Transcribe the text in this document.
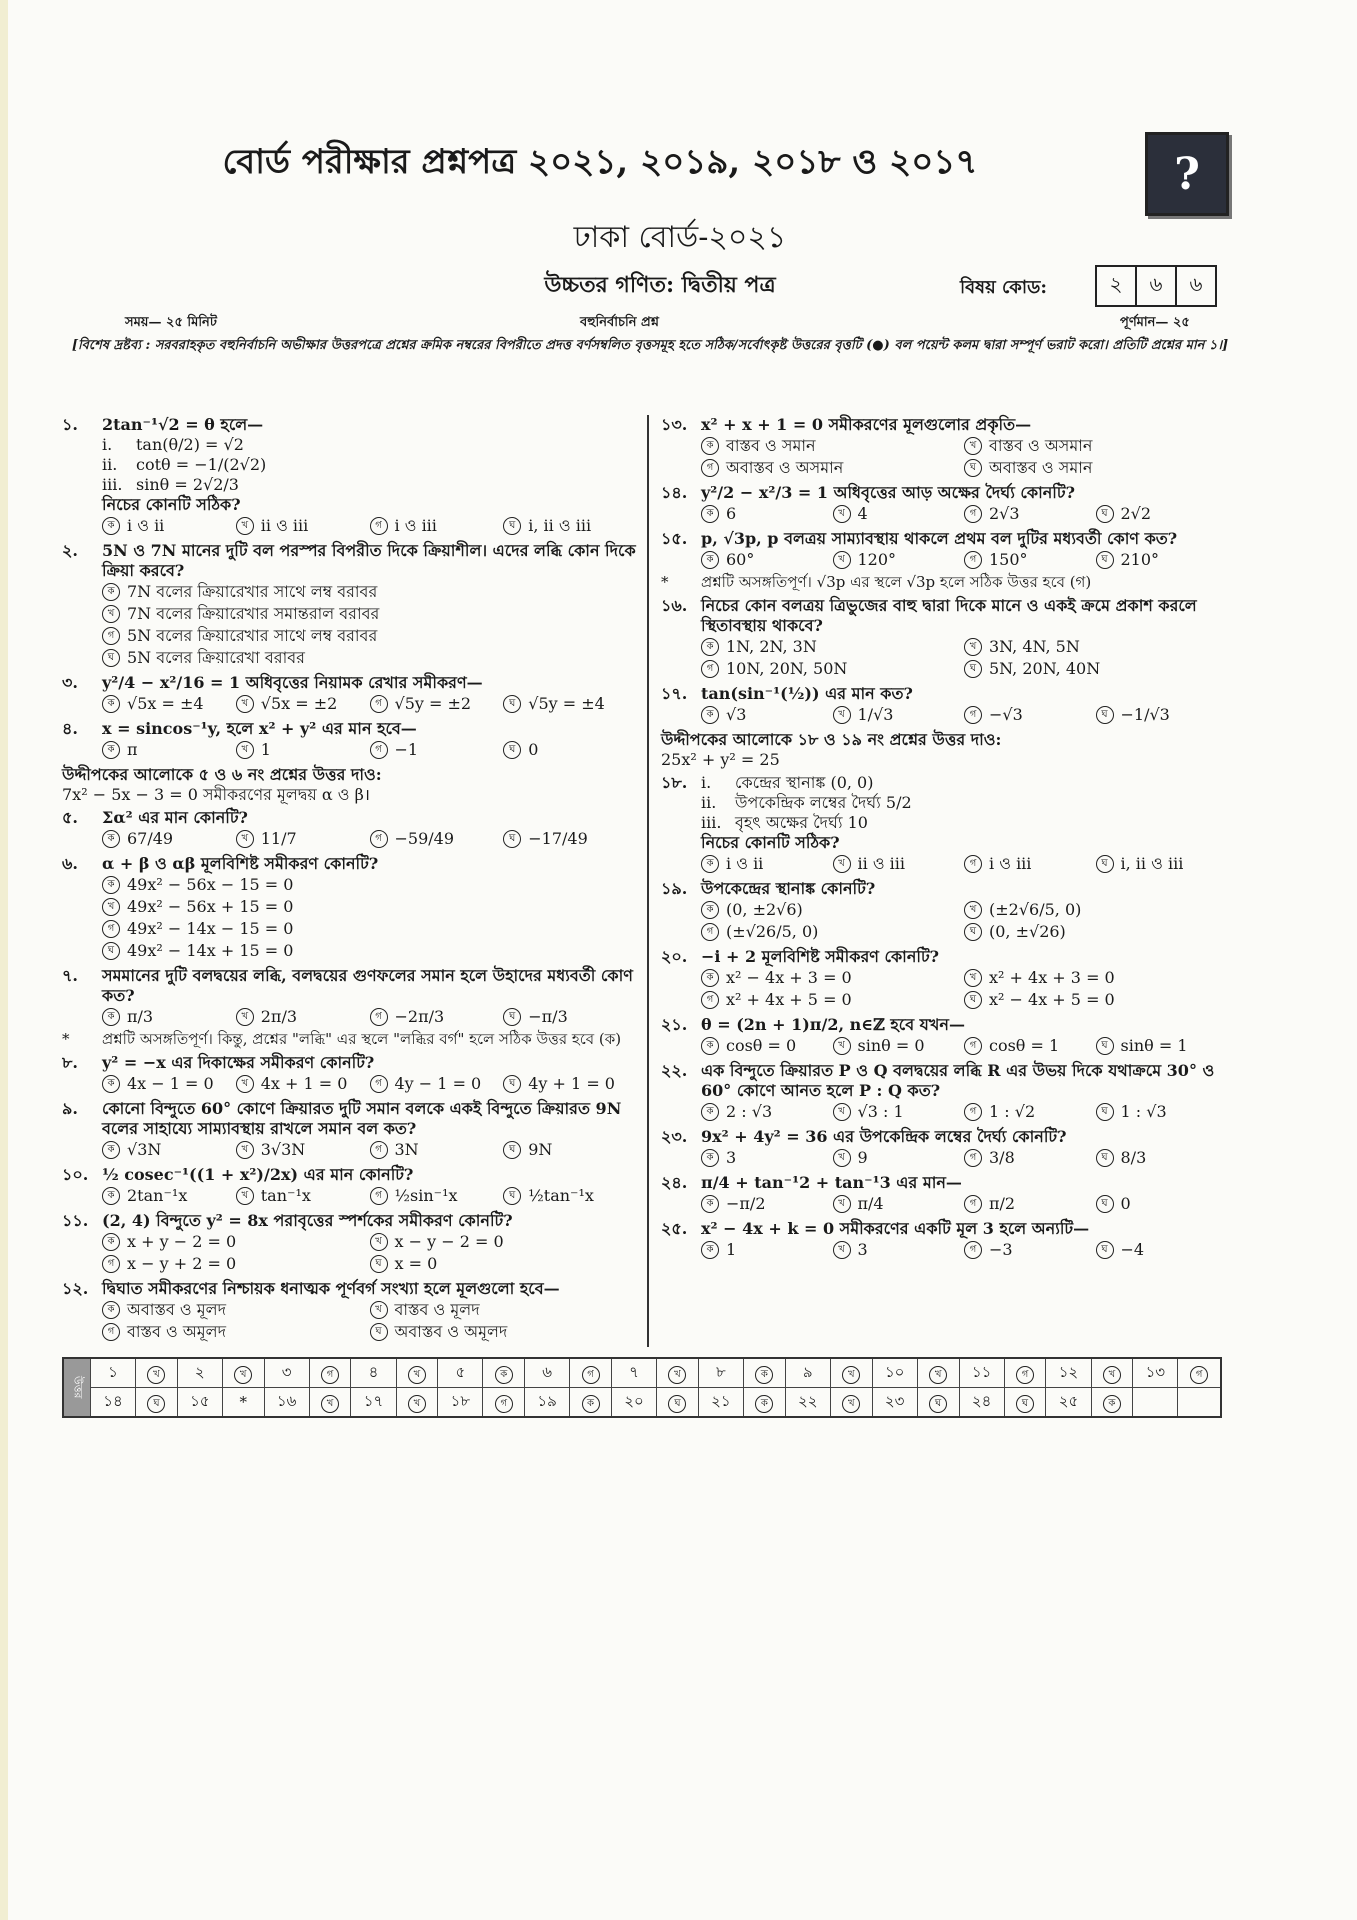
বোর্ড পরীক্ষার প্রশ্নপত্র ২০২১, ২০১৯, ২০১৮ ও ২০১৭	?
ঢাকা বোর্ড-২০২১
উচ্চতর গণিত: দ্বিতীয় পত্র	বিষয় কোড:	২	৬	৬
সময়— ২৫ মিনিট	বহুনির্বাচনি প্রশ্ন	পূর্ণমান— ২৫
[বিশেষ দ্রষ্টব্য : সরবরাহকৃত বহুনির্বাচনি অভীক্ষার উত্তরপত্রে প্রশ্নের ক্রমিক নম্বরের বিপরীতে প্রদত্ত বর্ণসম্বলিত বৃত্তসমূহ হতে সঠিক/সর্বোৎকৃষ্ট উত্তরের বৃত্তটি (●) বল পয়েন্ট কলম দ্বারা সম্পূর্ণ ভরাট করো। প্রতিটি প্রশ্নের মান ১।]
১.	2tan⁻¹√2 = θ হলে—
i.	tan(θ/2) = √2
ii.	cotθ = −1/(2√2)
iii. sinθ = 2√2/3
নিচের কোনটি সঠিক?
ক i ও ii	খ ii ও iii	গ i ও iii	ঘ i, ii ও iii
২.	5N ও 7N মানের দুটি বল পরস্পর বিপরীত দিকে ক্রিয়াশীল। এদের লব্ধি কোন দিকে ক্রিয়া করবে?
ক 7N বলের ক্রিয়ারেখার সাথে লম্ব বরাবর
খ 7N বলের ক্রিয়ারেখার সমান্তরাল বরাবর
গ 5N বলের ক্রিয়ারেখার সাথে লম্ব বরাবর
ঘ 5N বলের ক্রিয়ারেখা বরাবর
৩.	y²/4 − x²/16 = 1 অধিবৃত্তের নিয়ামক রেখার সমীকরণ—
ক √5x = ±4	খ √5x = ±2	গ √5y = ±2	ঘ √5y = ±4
৪.	x = sincos⁻¹y, হলে x² + y² এর মান হবে—
ক π	খ 1	গ −1	ঘ 0
উদ্দীপকের আলোকে ৫ ও ৬ নং প্রশ্নের উত্তর দাও:
7x² − 5x − 3 = 0 সমীকরণের মূলদ্বয় α ও β।
৫.	Σα² এর মান কোনটি?
ক 67/49	খ 11/7	গ −59/49	ঘ −17/49
৬.	α + β ও αβ মূলবিশিষ্ট সমীকরণ কোনটি?
ক 49x² − 56x − 15 = 0
খ 49x² − 56x + 15 = 0
গ 49x² − 14x − 15 = 0
ঘ 49x² − 14x + 15 = 0
৭.	সমমানের দুটি বলদ্বয়ের লব্ধি, বলদ্বয়ের গুণফলের সমান হলে উহাদের মধ্যবর্তী কোণ কত?
ক π/3	খ 2π/3	গ −2π/3	ঘ −π/3
*	প্রশ্নটি অসঙ্গতিপূর্ণ। কিন্তু, প্রশ্নের "লব্ধি" এর স্থলে "লব্ধির বর্গ" হলে সঠিক উত্তর হবে (ক)
৮.	y² = −x এর দিকাক্ষের সমীকরণ কোনটি?
ক 4x − 1 = 0	খ 4x + 1 = 0	গ 4y − 1 = 0	ঘ 4y + 1 = 0
৯.	কোনো বিন্দুতে 60° কোণে ক্রিয়ারত দুটি সমান বলকে একই বিন্দুতে ক্রিয়ারত 9N বলের সাহায্যে সাম্যাবস্থায় রাখলে সমান বল কত?
ক √3N	খ 3√3N	গ 3N	ঘ 9N
১০. ½ cosec⁻¹((1 + x²)/2x) এর মান কোনটি?
ক 2tan⁻¹x	খ tan⁻¹x	গ ½sin⁻¹x	ঘ ½tan⁻¹x
১১. (2, 4) বিন্দুতে y² = 8x পরাবৃত্তের স্পর্শকের সমীকরণ কোনটি?
ক x + y − 2 = 0	খ x − y − 2 = 0
গ x − y + 2 = 0	ঘ x = 0
১২. দ্বিঘাত সমীকরণের নিশ্চায়ক ধনাত্মক পূর্ণবর্গ সংখ্যা হলে মূলগুলো হবে—
ক অবাস্তব ও মূলদ	খ বাস্তব ও মূলদ
গ বাস্তব ও অমূলদ	ঘ অবাস্তব ও অমূলদ
১৩. x² + x + 1 = 0 সমীকরণের মূলগুলোর প্রকৃতি—
ক বাস্তব ও সমান	খ বাস্তব ও অসমান
গ অবাস্তব ও অসমান	ঘ অবাস্তব ও সমান
১৪. y²/2 − x²/3 = 1 অধিবৃত্তের আড় অক্ষের দৈর্ঘ্য কোনটি?
ক 6	খ 4	গ 2√3	ঘ 2√2
১৫. p, √3p, p বলত্রয় সাম্যাবস্থায় থাকলে প্রথম বল দুটির মধ্যবর্তী কোণ কত?
ক 60°	খ 120°	গ 150°	ঘ 210°
*	প্রশ্নটি অসঙ্গতিপূর্ণ। √3p এর স্থলে √3p হলে সঠিক উত্তর হবে (গ)
১৬. নিচের কোন বলত্রয় ত্রিভুজের বাহু দ্বারা দিকে মানে ও একই ক্রমে প্রকাশ করলে স্থিতাবস্থায় থাকবে?
ক 1N, 2N, 3N	খ 3N, 4N, 5N
গ 10N, 20N, 50N	ঘ 5N, 20N, 40N
১৭. tan(sin⁻¹(½)) এর মান কত?
ক √3	খ 1/√3	গ −√3	ঘ −1/√3
উদ্দীপকের আলোকে ১৮ ও ১৯ নং প্রশ্নের উত্তর দাও:
25x² + y² = 25
১৮. i.	কেন্দ্রের স্থানাঙ্ক (0, 0)
ii.	উপকেন্দ্রিক লম্বের দৈর্ঘ্য 5/2
iii. বৃহৎ অক্ষের দৈর্ঘ্য 10
নিচের কোনটি সঠিক?
ক i ও ii	খ ii ও iii	গ i ও iii	ঘ i, ii ও iii
১৯. উপকেন্দ্রের স্থানাঙ্ক কোনটি?
ক (0, ±2√6)	খ (±2√6/5, 0)
গ (±√26/5, 0)	ঘ (0, ±√26)
২০. −i + 2 মূলবিশিষ্ট সমীকরণ কোনটি?
ক x² − 4x + 3 = 0	খ x² + 4x + 3 = 0
গ x² + 4x + 5 = 0	ঘ x² − 4x + 5 = 0
২১. θ = (2n + 1)π/2, n∈ℤ হবে যখন—
ক cosθ = 0	খ sinθ = 0	গ cosθ = 1	ঘ sinθ = 1
২২. এক বিন্দুতে ক্রিয়ারত P ও Q বলদ্বয়ের লব্ধি R এর উভয় দিকে যথাক্রমে 30° ও 60° কোণে আনত হলে P : Q কত?
ক 2 : √3	খ √3 : 1	গ 1 : √2	ঘ 1 : √3
২৩. 9x² + 4y² = 36 এর উপকেন্দ্রিক লম্বের দৈর্ঘ্য কোনটি?
ক 3	খ 9	গ 3/8	ঘ 8/3
২৪. π/4 + tan⁻¹2 + tan⁻¹3 এর মান—
ক −π/2	খ π/4	গ π/2	ঘ 0
২৫. x² − 4x + k = 0 সমীকরণের একটি মূল 3 হলে অন্যটি—
ক 1	খ 3	গ −3	ঘ −4
উত্তর	১	খ	২	খ	৩	গ	৪	খ	৫	ক	৬	গ	৭	খ	৮	ক	৯	খ	১০	খ	১১	গ	১২	খ	১৩	গ
	১৪	ঘ	১৫	*	১৬	খ	১৭	খ	১৮	গ	১৯	ক	২০	ঘ	২১	ক	২২	খ	২৩	ঘ	২৪	ঘ	২৫	ক		
